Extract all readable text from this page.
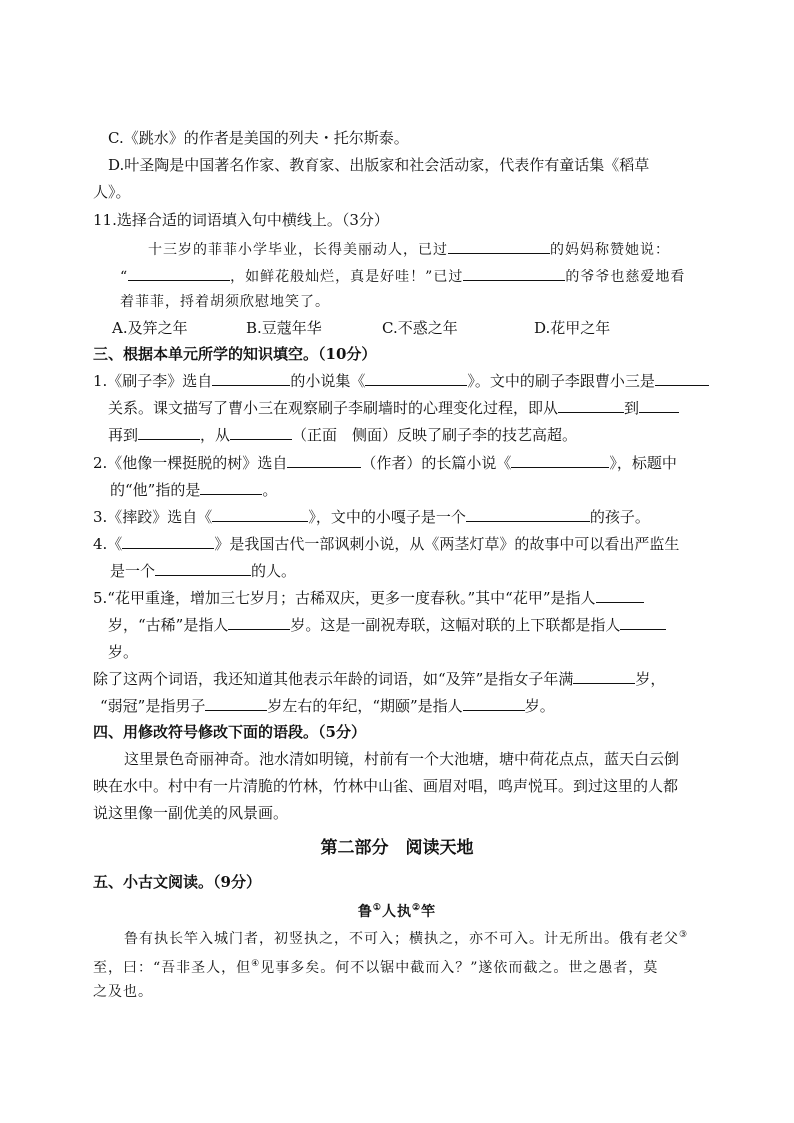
C.《跳水》的作者是美国的列夫・托尔斯泰。
D.叶圣陶是中国著名作家、教育家、出版家和社会活动家，代表作有童话集《稻草
人》。
11.选择合适的词语填入句中横线上。（3分）
十三岁的菲菲小学毕业，长得美丽动人，已过	的妈妈称赞她说：
“	，如鲜花般灿烂，真是好哇！”已过	的爷爷也慈爱地看
着菲菲，捋着胡须欣慰地笑了。
A.及笄之年	B.豆蔻年华	C.不惑之年	D.花甲之年
三、根据本单元所学的知识填空。（10分）
1.《刷子李》选自	的小说集《	》。文中的刷子李跟曹小三是
关系。课文描写了曹小三在观察刷子李刷墙时的心理变化过程，即从	到
再到	，从	（正面　侧面）反映了刷子李的技艺高超。
2.《他像一棵挺脱的树》选自	（作者）的长篇小说《	》，标题中
的“他”指的是	。
3.《摔跤》选自《	》，文中的小嘎子是一个	的孩子。
4.《	》是我国古代一部讽刺小说，从《两茎灯草》的故事中可以看出严监生
是一个	的人。
5.“花甲重逢，增加三七岁月；古稀双庆，更多一度春秋。”其中“花甲”是指人
岁，“古稀”是指人	岁。这是一副祝寿联，这幅对联的上下联都是指人
岁。
除了这两个词语，我还知道其他表示年龄的词语，如“及笄”是指女子年满	岁，
“弱冠”是指男子	岁左右的年纪，“期颐”是指人	岁。
四、用修改符号修改下面的语段。（5分）
这里景色奇丽神奇。池水清如明镜，村前有一个大池塘，塘中荷花点点，蓝天白云倒
映在水中。村中有一片清脆的竹林，竹林中山雀、画眉对唱，鸣声悦耳。到过这里的人都
说这里像一副优美的风景画。
第二部分　阅读天地
五、小古文阅读。（9分）
鲁①人执②竿
鲁有执长竿入城门者，初竖执之，不可入；横执之，亦不可入。计无所出。俄有老父③
至，曰：“吾非圣人，但④见事多矣。何不以锯中截而入？”遂依而截之。世之愚者，莫
之及也。
